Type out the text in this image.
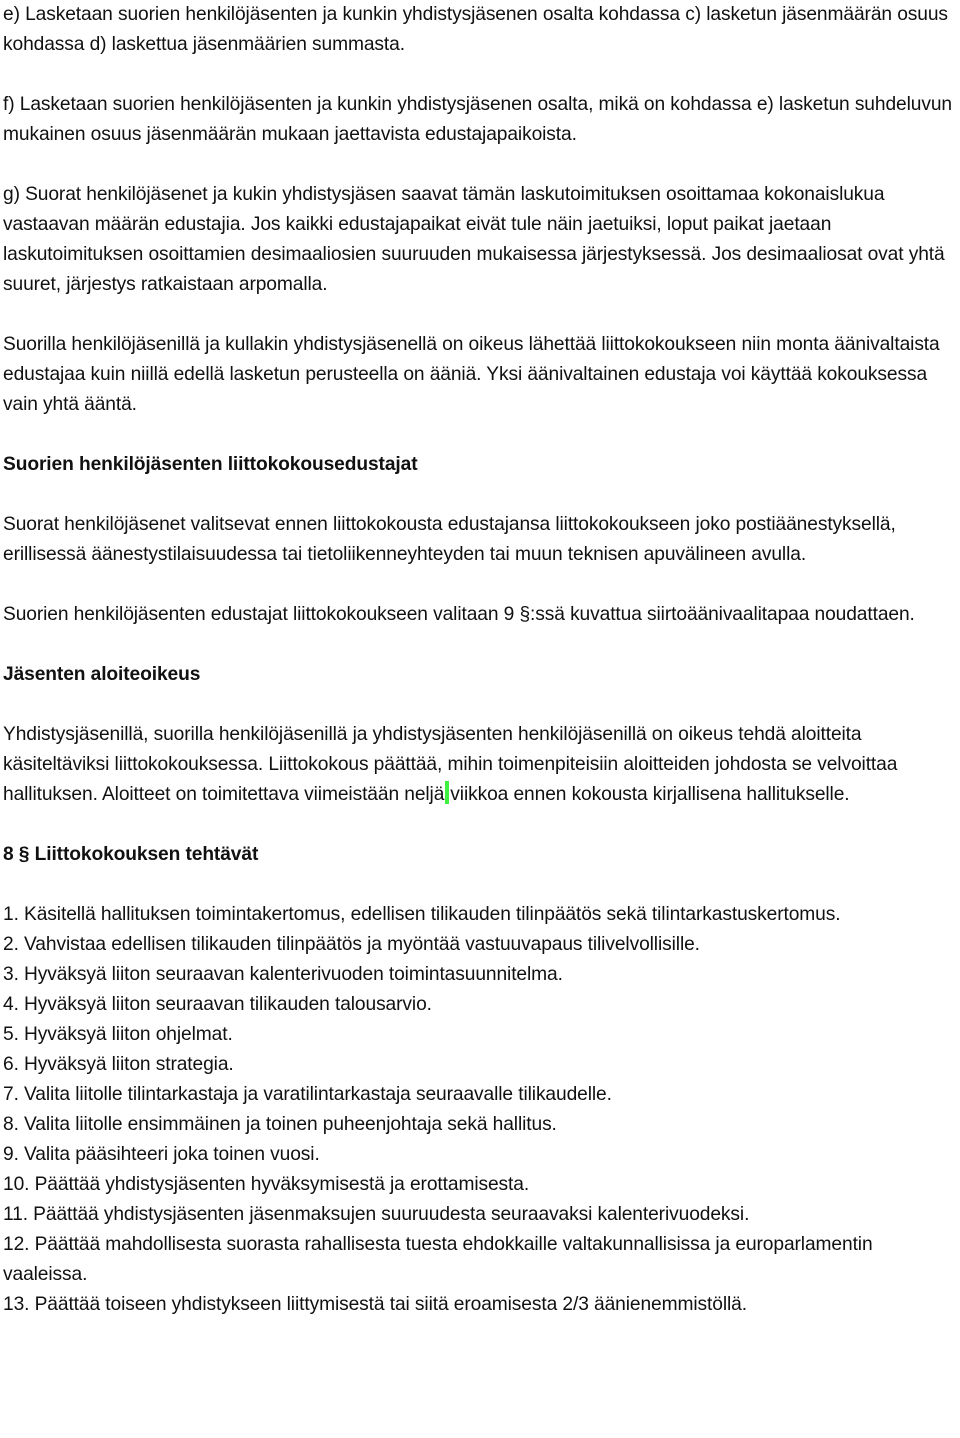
e) Lasketaan suorien henkilöjäsenten ja kunkin yhdistysjäsenen osalta kohdassa c) lasketun jäsenmäärän osuus kohdassa d) laskettua jäsenmäärien summasta.

f) Lasketaan suorien henkilöjäsenten ja kunkin yhdistysjäsenen osalta, mikä on kohdassa e) lasketun suhdeluvun mukainen osuus jäsenmäärän mukaan jaettavista edustajapaikoista.

g) Suorat henkilöjäsenet ja kukin yhdistysjäsen saavat tämän laskutoimituksen osoittamaa kokonaislukua vastaavan määrän edustajia. Jos kaikki edustajapaikat eivät tule näin jaetuiksi, loput paikat jaetaan laskutoimituksen osoittamien desimaaliosien suuruuden mukaisessa järjestyksessä. Jos desimaaliosat ovat yhtä suuret, järjestys ratkaistaan arpomalla.

Suorilla henkilöjäsenillä ja kullakin yhdistysjäsenellä on oikeus lähettää liittokokoukseen niin monta äänivaltaista edustajaa kuin niillä edellä lasketun perusteella on ääniä. Yksi äänivaltainen edustaja voi käyttää kokouksessa vain yhtä ääntä.

Suorien henkilöjäsenten liittokokousedustajat

Suorat henkilöjäsenet valitsevat ennen liittokokousta edustajansa liittokokoukseen joko postiäänestyksellä, erillisessä äänestystilaisuudessa tai tietoliikenneyhteyden tai muun teknisen apuvälineen avulla.

Suorien henkilöjäsenten edustajat liittokokoukseen valitaan 9 §:ssä kuvattua siirtoäänivaalitapaa noudattaen.

Jäsenten aloiteoikeus

Yhdistysjäsenillä, suorilla henkilöjäsenillä ja yhdistysjäsenten henkilöjäsenillä on oikeus tehdä aloitteita käsiteltäviksi liittokokouksessa. Liittokokous päättää, mihin toimenpiteisiin aloitteiden johdosta se velvoittaa hallituksen. Aloitteet on toimitettava viimeistään neljä viikkoa ennen kokousta kirjallisena hallitukselle.

8 § Liittokokouksen tehtävät

1. Käsitellä hallituksen toimintakertomus, edellisen tilikauden tilinpäätös sekä tilintarkastuskertomus.

2. Vahvistaa edellisen tilikauden tilinpäätös ja myöntää vastuuvapaus tilivelvollisille.

3. Hyväksyä liiton seuraavan kalenterivuoden toimintasuunnitelma.

4. Hyväksyä liiton seuraavan tilikauden talousarvio.

5. Hyväksyä liiton ohjelmat.

6. Hyväksyä liiton strategia.

7. Valita liitolle tilintarkastaja ja varatilintarkastaja seuraavalle tilikaudelle.

8. Valita liitolle ensimmäinen ja toinen puheenjohtaja sekä hallitus.

9. Valita pääsihteeri joka toinen vuosi.

10. Päättää yhdistysjäsenten hyväksymisestä ja erottamisesta.

11. Päättää yhdistysjäsenten jäsenmaksujen suuruudesta seuraavaksi kalenterivuodeksi.

12. Päättää mahdollisesta suorasta rahallisesta tuesta ehdokkaille valtakunnallisissa ja europarlamentin vaaleissa.

13. Päättää toiseen yhdistykseen liittymisestä tai siitä eroamisesta 2/3 äänienemmistöllä.
